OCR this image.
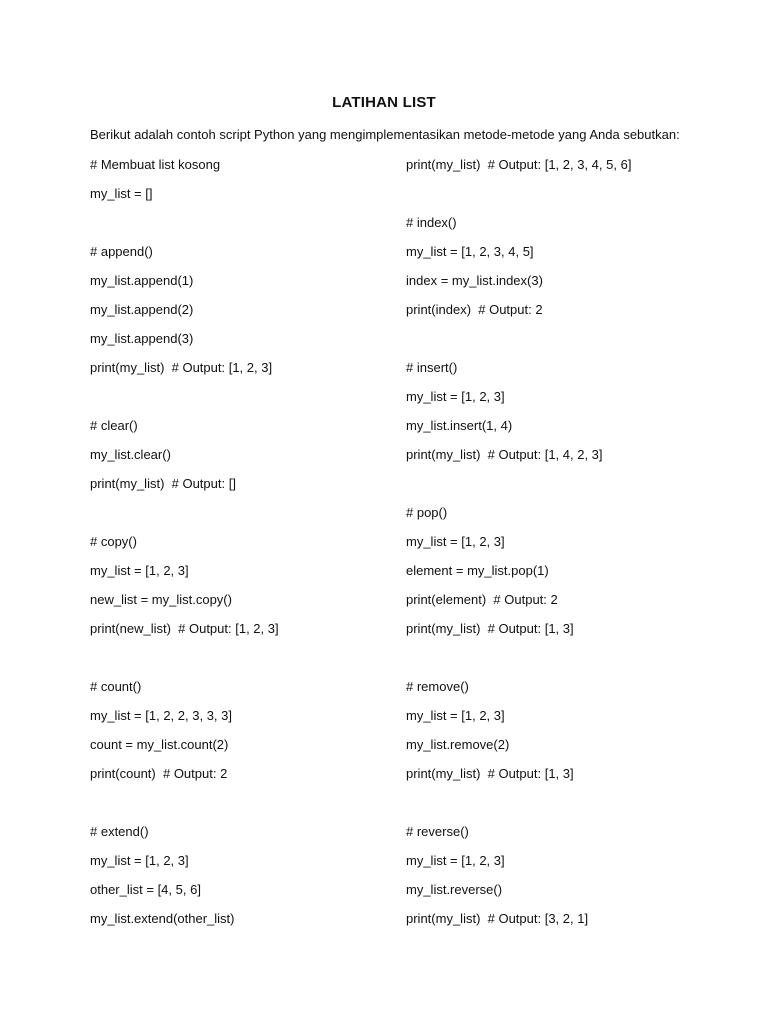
LATIHAN LIST
Berikut adalah contoh script Python yang mengimplementasikan metode-metode yang Anda sebutkan:
# Membuat list kosong
my_list = []
# append()
my_list.append(1)
my_list.append(2)
my_list.append(3)
print(my_list)  # Output: [1, 2, 3]
# clear()
my_list.clear()
print(my_list)  # Output: []
# copy()
my_list = [1, 2, 3]
new_list = my_list.copy()
print(new_list)  # Output: [1, 2, 3]
# count()
my_list = [1, 2, 2, 3, 3, 3]
count = my_list.count(2)
print(count)  # Output: 2
# extend()
my_list = [1, 2, 3]
other_list = [4, 5, 6]
my_list.extend(other_list)
print(my_list)  # Output: [1, 2, 3, 4, 5, 6]
# index()
my_list = [1, 2, 3, 4, 5]
index = my_list.index(3)
print(index)  # Output: 2
# insert()
my_list = [1, 2, 3]
my_list.insert(1, 4)
print(my_list)  # Output: [1, 4, 2, 3]
# pop()
my_list = [1, 2, 3]
element = my_list.pop(1)
print(element)  # Output: 2
print(my_list)  # Output: [1, 3]
# remove()
my_list = [1, 2, 3]
my_list.remove(2)
print(my_list)  # Output: [1, 3]
# reverse()
my_list = [1, 2, 3]
my_list.reverse()
print(my_list)  # Output: [3, 2, 1]
